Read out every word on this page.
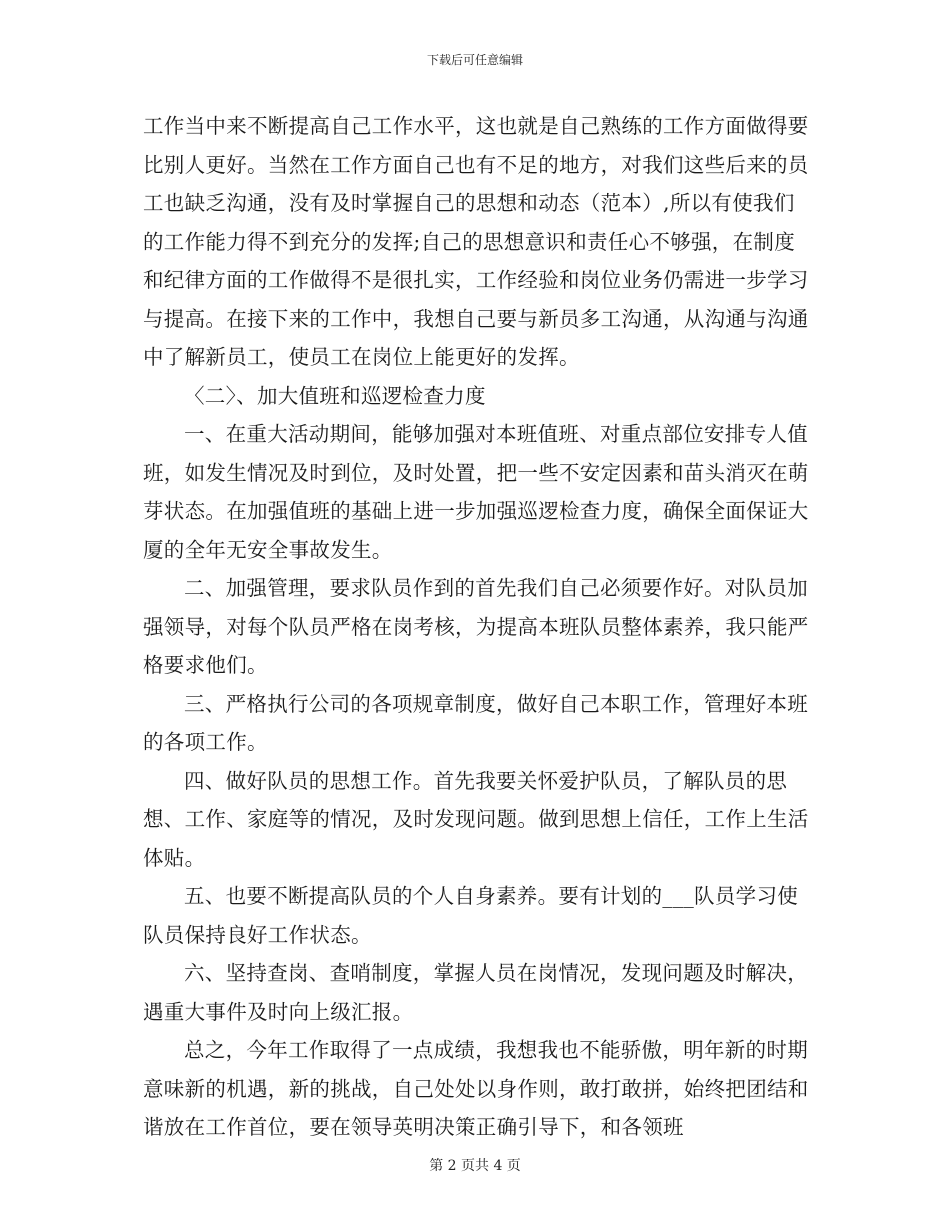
下载后可任意编辑

工作当中来不断提高自己工作水平，这也就是自己熟练的工作方面做得要比别人更好。当然在工作方面自己也有不足的地方，对我们这些后来的员工也缺乏沟通，没有及时掌握自己的思想和动态（范本）,所以有使我们的工作能力得不到充分的发挥;自己的思想意识和责任心不够强，在制度和纪律方面的工作做得不是很扎实，工作经验和岗位业务仍需进一步学习与提高。在接下来的工作中，我想自己要与新员多工沟通，从沟通与沟通中了解新员工，使员工在岗位上能更好的发挥。

〈二〉、加大值班和巡逻检查力度

一、在重大活动期间，能够加强对本班值班、对重点部位安排专人值班，如发生情况及时到位，及时处置，把一些不安定因素和苗头消灭在萌芽状态。在加强值班的基础上进一步加强巡逻检查力度，确保全面保证大厦的全年无安全事故发生。

二、加强管理，要求队员作到的首先我们自己必须要作好。对队员加强领导，对每个队员严格在岗考核，为提高本班队员整体素养，我只能严格要求他们。

三、严格执行公司的各项规章制度，做好自己本职工作，管理好本班的各项工作。

四、做好队员的思想工作。首先我要关怀爱护队员，了解队员的思想、工作、家庭等的情况，及时发现问题。做到思想上信任，工作上生活体贴。

五、也要不断提高队员的个人自身素养。要有计划的___队员学习使队员保持良好工作状态。

六、坚持查岗、查哨制度，掌握人员在岗情况，发现问题及时解决，遇重大事件及时向上级汇报。

总之，今年工作取得了一点成绩，我想我也不能骄傲，明年新的时期意味新的机遇，新的挑战，自己处处以身作则，敢打敢拼，始终把团结和谐放在工作首位，要在领导英明决策正确引导下，和各领班

第 2 页共 4 页
